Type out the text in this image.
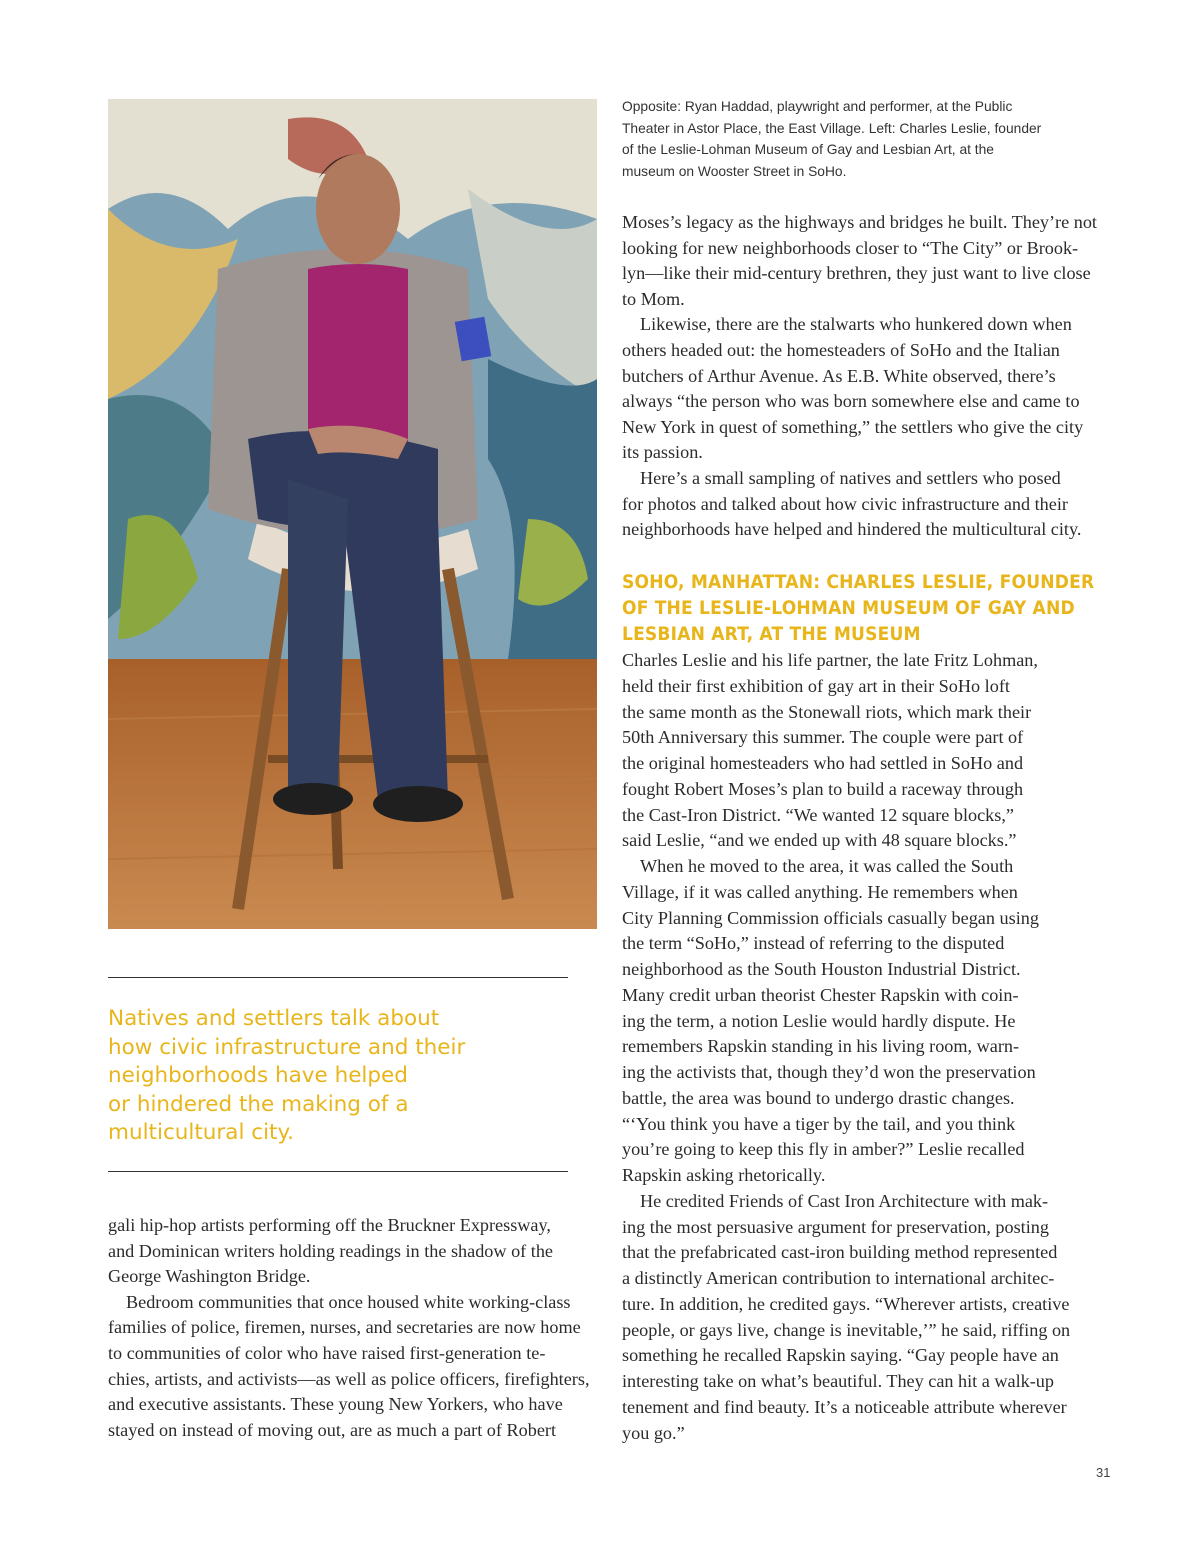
Natives and settlers talk about
how civic infrastructure and their
neighborhoods have helped
or hindered the making of a
multicultural city.
gali hip-hop artists performing off the Bruckner Expressway,
and Dominican writers holding readings in the shadow of the
George Washington Bridge.
Bedroom communities that once housed white working-class
families of police, firemen, nurses, and secretaries are now home
to communities of color who have raised first-generation te-
chies, artists, and activists—as well as police officers, firefighters,
and executive assistants. These young New Yorkers, who have
stayed on instead of moving out, are as much a part of Robert
Opposite: Ryan Haddad, playwright and performer, at the Public
Theater in Astor Place, the East Village. Left: Charles Leslie, founder
of the Leslie-Lohman Museum of Gay and Lesbian Art, at the
museum on Wooster Street in SoHo.
Moses’s legacy as the highways and bridges he built. They’re not
looking for new neighborhoods closer to “The City” or Brook-
lyn—like their mid-century brethren, they just want to live close
to Mom.
Likewise, there are the stalwarts who hunkered down when
others headed out: the homesteaders of SoHo and the Italian
butchers of Arthur Avenue. As E.B. White observed, there’s
always “the person who was born somewhere else and came to
New York in quest of something,” the settlers who give the city
its passion.
Here’s a small sampling of natives and settlers who posed
for photos and talked about how civic infrastructure and their
neighborhoods have helped and hindered the multicultural city.
SOHO, MANHATTAN: CHARLES LESLIE, FOUNDER
OF THE LESLIE-LOHMAN MUSEUM OF GAY AND
LESBIAN ART, AT THE MUSEUM
Charles Leslie and his life partner, the late Fritz Lohman,
held their first exhibition of gay art in their SoHo loft
the same month as the Stonewall riots, which mark their
50th Anniversary this summer. The couple were part of
the original homesteaders who had settled in SoHo and
fought Robert Moses’s plan to build a raceway through
the Cast-Iron District. “We wanted 12 square blocks,”
said Leslie, “and we ended up with 48 square blocks.”
When he moved to the area, it was called the South
Village, if it was called anything. He remembers when
City Planning Commission officials casually began using
the term “SoHo,” instead of referring to the disputed
neighborhood as the South Houston Industrial District.
Many credit urban theorist Chester Rapskin with coin-
ing the term, a notion Leslie would hardly dispute. He
remembers Rapskin standing in his living room, warn-
ing the activists that, though they’d won the preservation
battle, the area was bound to undergo drastic changes.
“‘You think you have a tiger by the tail, and you think
you’re going to keep this fly in amber?” Leslie recalled
Rapskin asking rhetorically.
He credited Friends of Cast Iron Architecture with mak-
ing the most persuasive argument for preservation, posting
that the prefabricated cast-iron building method represented
a distinctly American contribution to international architec-
ture. In addition, he credited gays. “Wherever artists, creative
people, or gays live, change is inevitable,’” he said, riffing on
something he recalled Rapskin saying. “Gay people have an
interesting take on what’s beautiful. They can hit a walk-up
tenement and find beauty. It’s a noticeable attribute wherever
you go.”
31
